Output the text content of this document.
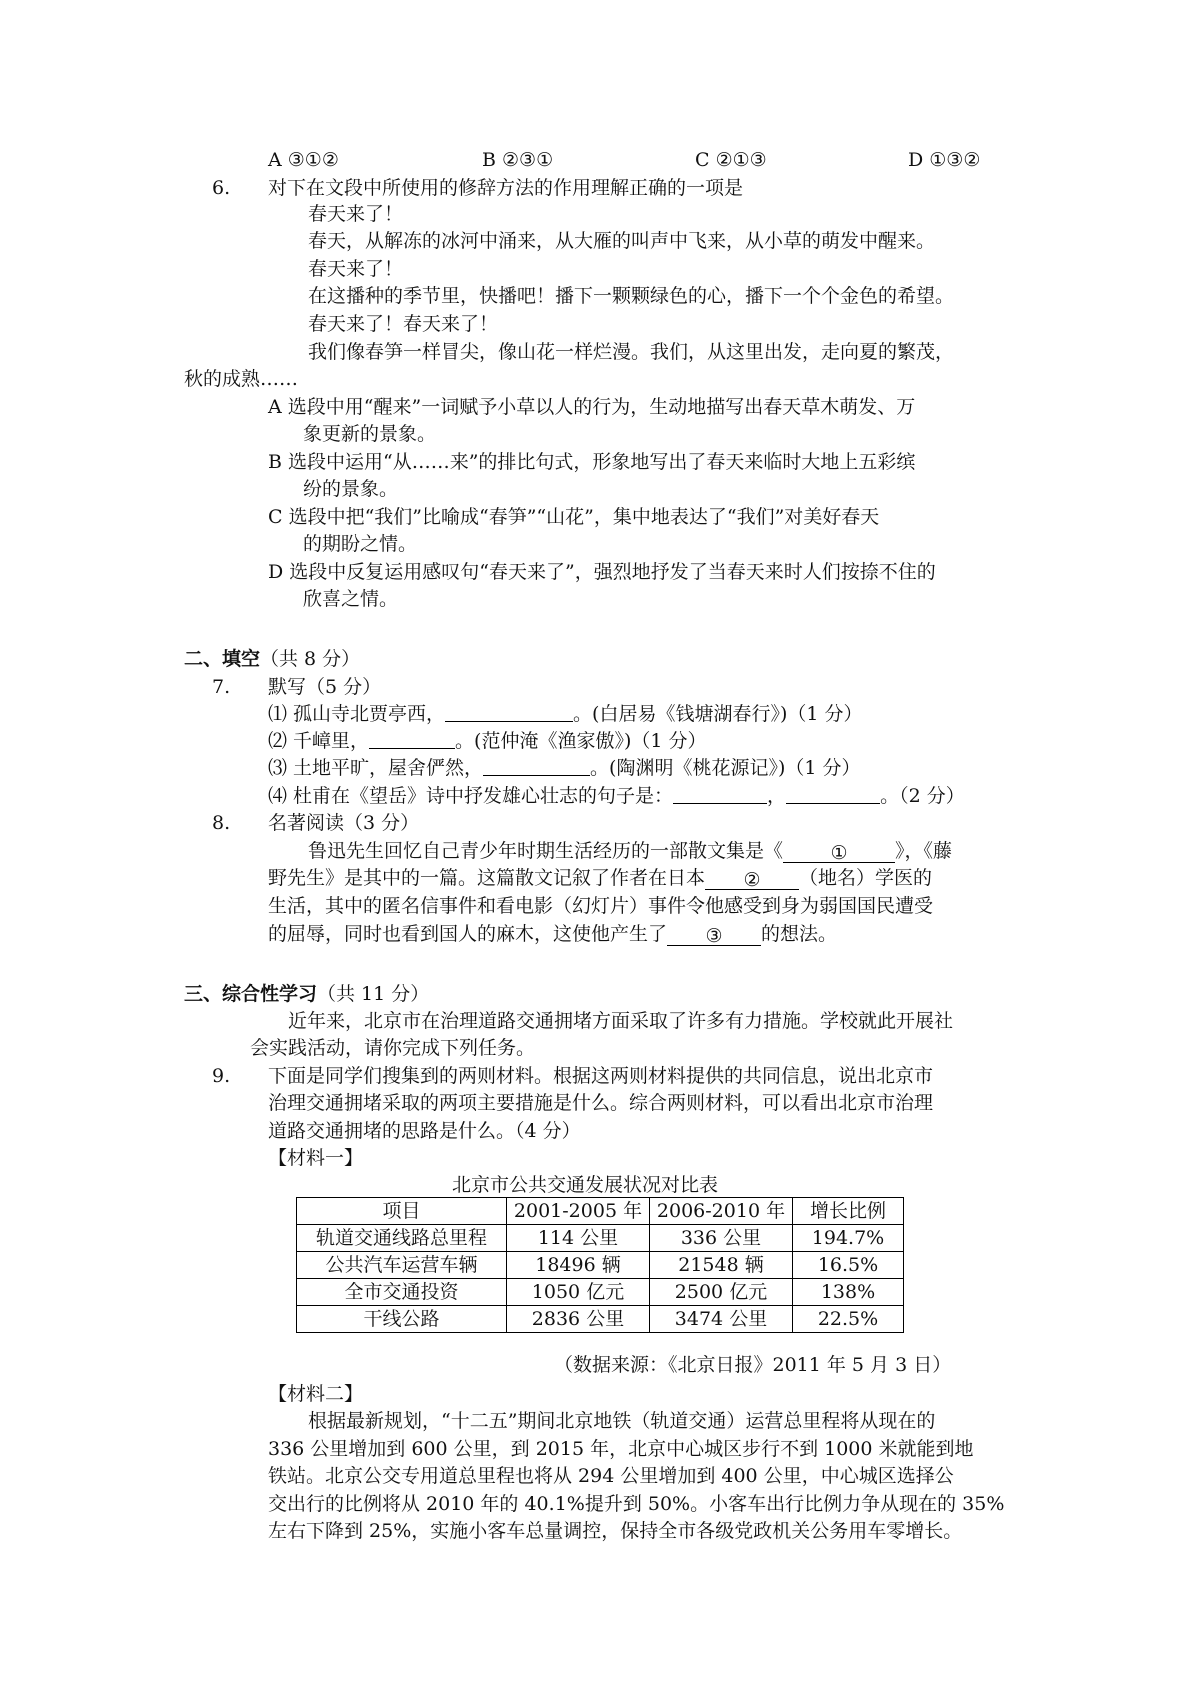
A ③①②	B ②③①	C ②①③	D ①③②
6. 对下在文段中所使用的修辞方法的作用理解正确的一项是
春天来了！
春天，从解冻的冰河中涌来，从大雁的叫声中飞来，从小草的萌发中醒来。
春天来了！
在这播种的季节里，快播吧！播下一颗颗绿色的心，播下一个个金色的希望。
春天来了！春天来了！
我们像春笋一样冒尖，像山花一样烂漫。我们，从这里出发，走向夏的繁茂，
秋的成熟……
A 选段中用“醒来”一词赋予小草以人的行为，生动地描写出春天草木萌发、万
象更新的景象。
B 选段中运用“从……来”的排比句式，形象地写出了春天来临时大地上五彩缤
纷的景象。
C 选段中把“我们”比喻成“春笋”“山花”，集中地表达了“我们”对美好春天
的期盼之情。
D 选段中反复运用感叹句“春天来了”，强烈地抒发了当春天来时人们按捺不住的
欣喜之情。
二、填空（共 8 分）
7. 默写（5 分）
⑴ 孤山寺北贾亭西，	。(白居易《钱塘湖春行》)（1 分）
⑵ 千嶂里，	。(范仲淹《渔家傲》)（1 分）
⑶ 土地平旷，屋舍俨然，	。(陶渊明《桃花源记》)（1 分）
⑷ 杜甫在《望岳》诗中抒发雄心壮志的句子是：	，	。（2 分）
8. 名著阅读（3 分）
鲁迅先生回忆自己青少年时期生活经历的一部散文集是《 ① 》，《藤
野先生》是其中的一篇。这篇散文记叙了作者在日本 ② （地名）学医的
生活，其中的匿名信事件和看电影（幻灯片）事件令他感受到身为弱国国民遭受
的屈辱，同时也看到国人的麻木，这使他产生了 ③ 的想法。
三、综合性学习（共 11 分）
近年来，北京市在治理道路交通拥堵方面采取了许多有力措施。学校就此开展社
会实践活动，请你完成下列任务。
9. 下面是同学们搜集到的两则材料。根据这两则材料提供的共同信息，说出北京市
治理交通拥堵采取的两项主要措施是什么。综合两则材料，可以看出北京市治理
道路交通拥堵的思路是什么。（4 分）
【材料一】
北京市公共交通发展状况对比表
项目	2001-2005 年	2006-2010 年	增长比例
轨道交通线路总里程	114 公里	336 公里	194.7%
公共汽车运营车辆	18496 辆	21548 辆	16.5%
全市交通投资	1050 亿元	2500 亿元	138%
干线公路	2836 公里	3474 公里	22.5%
（数据来源：《北京日报》2011 年 5 月 3 日）
【材料二】
根据最新规划，“十二五”期间北京地铁（轨道交通）运营总里程将从现在的
336 公里增加到 600 公里，到 2015 年，北京中心城区步行不到 1000 米就能到地
铁站。北京公交专用道总里程也将从 294 公里增加到 400 公里，中心城区选择公
交出行的比例将从 2010 年的 40.1%提升到 50%。小客车出行比例力争从现在的 35%
左右下降到 25%，实施小客车总量调控，保持全市各级党政机关公务用车零增长。
